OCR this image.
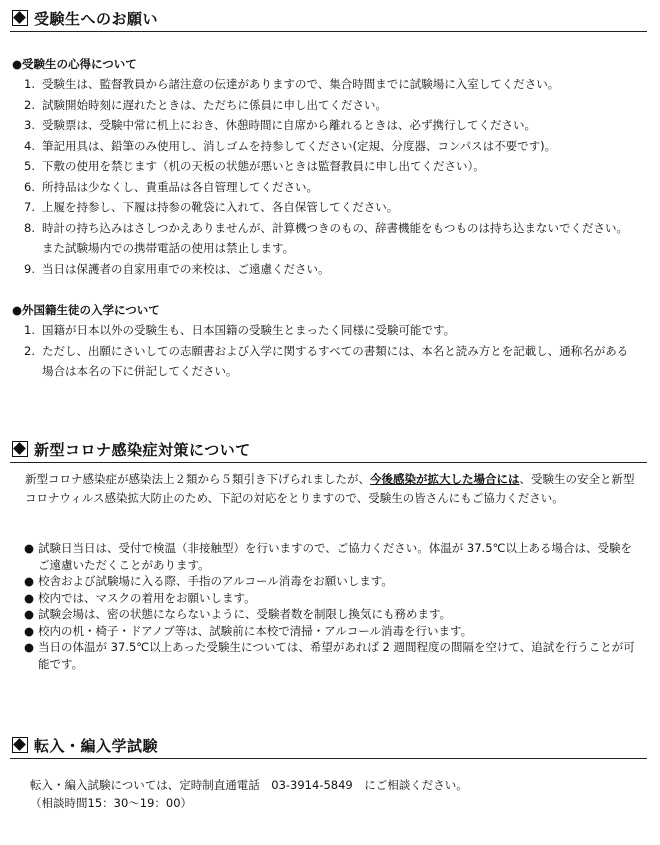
受験生へのお願い
●受験生の心得について
1. 受験生は、監督教員から諸注意の伝達がありますので、集合時間までに試験場に入室してください。
2. 試験開始時刻に遅れたときは、ただちに係員に申し出てください。
3. 受験票は、受験中常に机上におき、休憩時間に自席から離れるときは、必ず携行してください。
4. 筆記用具は、鉛筆のみ使用し、消しゴムを持参してください(定規、分度器、コンパスは不要です)。
5. 下敷の使用を禁じます（机の天板の状態が悪いときは監督教員に申し出てください）。
6. 所持品は少なくし、貴重品は各自管理してください。
7. 上履を持参し、下履は持参の靴袋に入れて、各自保管してください。
8. 時計の持ち込みはさしつかえありませんが、計算機つきのもの、辞書機能をもつものは持ち込まないでください。また試験場内での携帯電話の使用は禁止します。
9. 当日は保護者の自家用車での来校は、ご遠慮ください。
●外国籍生徒の入学について
1. 国籍が日本以外の受験生も、日本国籍の受験生とまったく同様に受験可能です。
2. ただし、出願にさいしての志願書および入学に関するすべての書類には、本名と読み方とを記載し、通称名がある場合は本名の下に併記してください。
新型コロナ感染症対策について
新型コロナ感染症が感染法上２類から５類引き下げられましたが、今後感染が拡大した場合には、受験生の安全と新型コロナウィルス感染拡大防止のため、下記の対応をとりますので、受験生の皆さんにもご協力ください。
● 試験日当日は、受付で検温（非接触型）を行いますので、ご協力ください。体温が 37.5℃以上ある場合は、受験をご遠慮いただくことがあります。
● 校舎および試験場に入る際、手指のアルコール消毒をお願いします。
● 校内では、マスクの着用をお願いします。
● 試験会場は、密の状態にならないように、受験者数を制限し換気にも務めます。
● 校内の机・椅子・ドアノブ等は、試験前に本校で清掃・アルコール消毒を行います。
● 当日の体温が 37.5℃以上あった受験生については、希望があれば 2 週間程度の間隔を空けて、追試を行うことが可能です。
転入・編入学試験
転入・編入試験については、定時制直通電話　03-3914-5849　にご相談ください。
（相談時間15：30～19：00）
